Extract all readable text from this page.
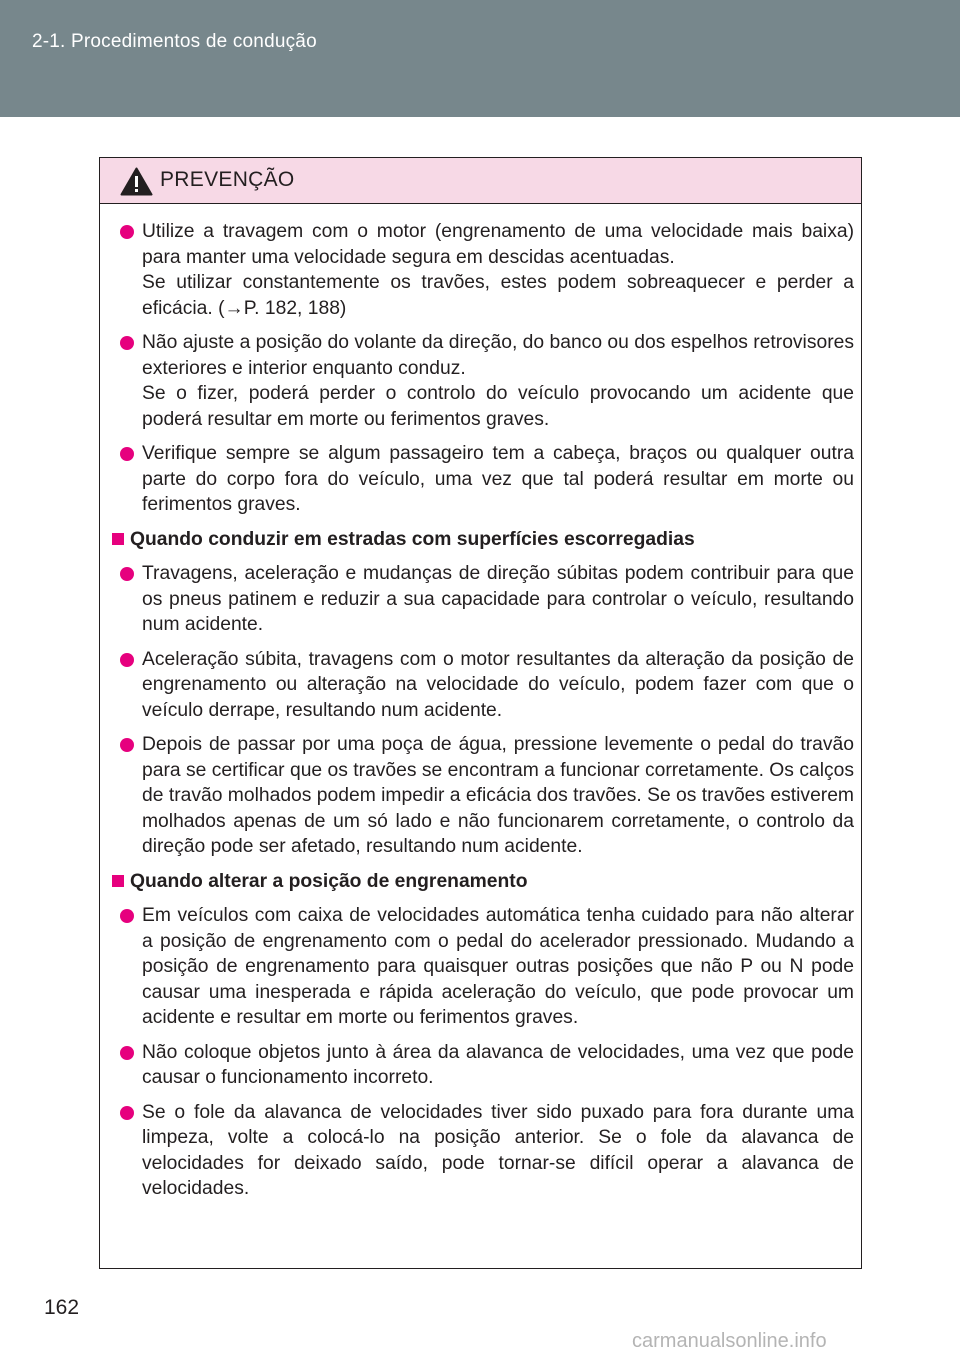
2-1. Procedimentos de condução
PREVENÇÃO

Utilize a travagem com o motor (engrenamento de uma velocidade mais baixa) para manter uma velocidade segura em descidas acentuadas.

Se utilizar constantemente os travões, estes podem sobreaquecer e perder a eficácia. (→P. 182, 188)

Não ajuste a posição do volante da direção, do banco ou dos espelhos retrovisores exteriores e interior enquanto conduz.

Se o fizer, poderá perder o controlo do veículo provocando um acidente que poderá resultar em morte ou ferimentos graves.

Verifique sempre se algum passageiro tem a cabeça, braços ou qualquer outra parte do corpo fora do veículo, uma vez que tal poderá resultar em morte ou ferimentos graves.

Quando conduzir em estradas com superfícies escorregadias

Travagens, aceleração e mudanças de direção súbitas podem contribuir para que os pneus patinem e reduzir a sua capacidade para controlar o veículo, resultando num acidente.

Aceleração súbita, travagens com o motor resultantes da alteração da posição de engrenamento ou alteração na velocidade do veículo, podem fazer com que o veículo derrape, resultando num acidente.

Depois de passar por uma poça de água, pressione levemente o pedal do travão para se certificar que os travões se encontram a funcionar corretamente. Os calços de travão molhados podem impedir a eficácia dos travões. Se os travões estiverem molhados apenas de um só lado e não funcionarem corretamente, o controlo da direção pode ser afetado, resultando num acidente.

Quando alterar a posição de engrenamento

Em veículos com caixa de velocidades automática tenha cuidado para não alterar a posição de engrenamento com o pedal do acelerador pressionado. Mudando a posição de engrenamento para quaisquer outras posições que não P ou N pode causar uma inesperada e rápida aceleração do veículo, que pode provocar um acidente e resultar em morte ou ferimentos graves.

Não coloque objetos junto à área da alavanca de velocidades, uma vez que pode causar o funcionamento incorreto.

Se o fole da alavanca de velocidades tiver sido puxado para fora durante uma limpeza, volte a colocá-lo na posição anterior. Se o fole da alavanca de velocidades for deixado saído, pode tornar-se difícil operar a alavanca de velocidades.

162
carmanualsonline.info
